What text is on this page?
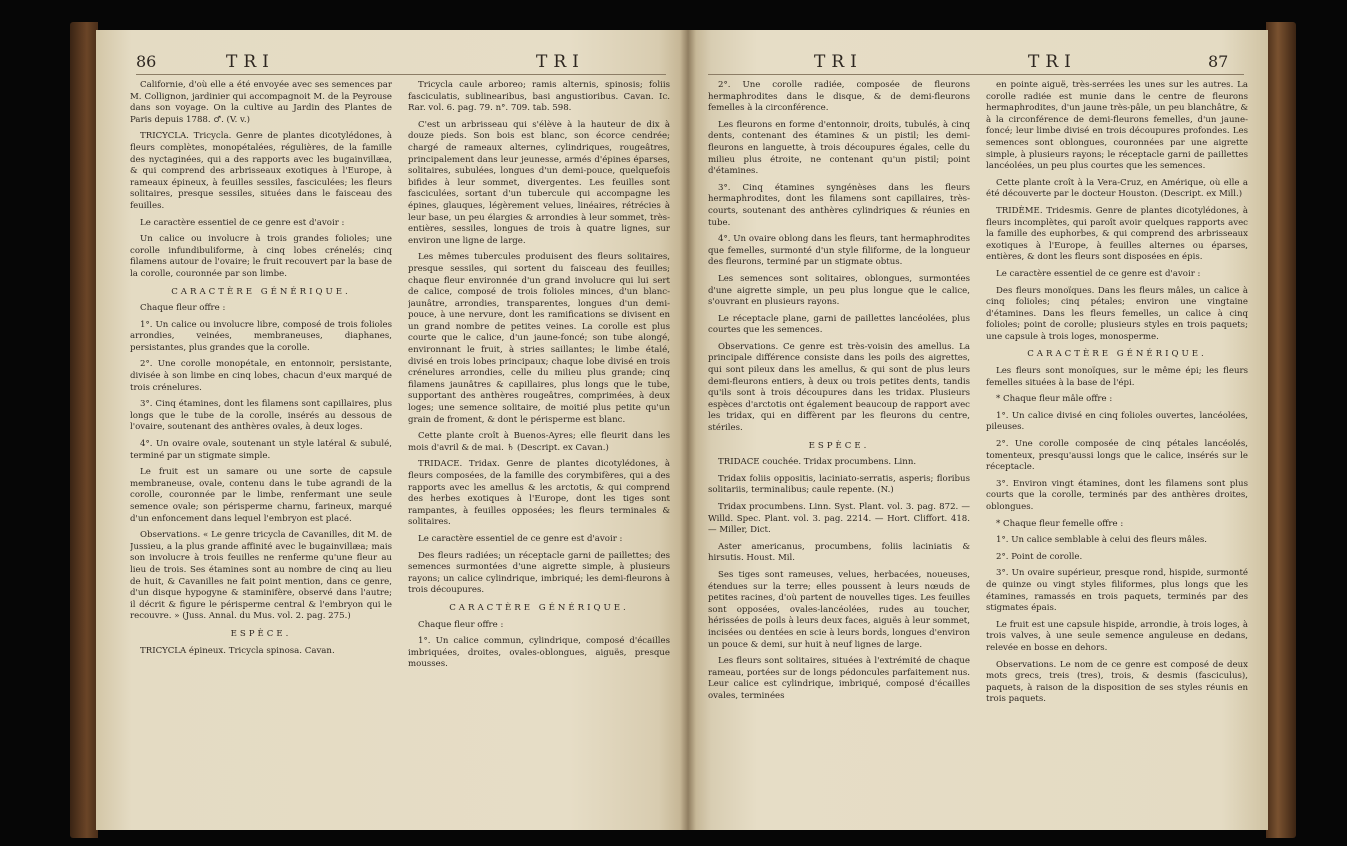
86	TRI	TRI

Californie, d'où elle a été envoyée avec ses semences par M. Collignon, jardinier qui accompagnoit M. de la Peyrouse dans son voyage. On la cultive au Jardin des Plantes de Paris depuis 1788. ♂. (V. v.)

TRICYCLA. Tricycla. Genre de plantes dicotylédones, à fleurs complètes, monopétalées, régulières, de la famille des nyctaginées, qui a des rapports avec les bugainvillæa, & qui comprend des arbrisseaux exotiques à l'Europe, à rameaux épineux, à feuilles sessiles, fasciculées; les fleurs solitaires, presque sessiles, situées dans le faisceau des feuilles.

Le caractère essentiel de ce genre est d'avoir :

Un calice ou involucre à trois grandes folioles; une corolle infundibuliforme, à cinq lobes crénelés; cinq filamens autour de l'ovaire; le fruit recouvert par la base de la corolle, couronnée par son limbe.

CARACTÈRE GÉNÉRIQUE.

Chaque fleur offre :

1°. Un calice ou involucre libre, composé de trois folioles arrondies, veinées, membraneuses, diaphanes, persistantes, plus grandes que la corolle.

2°. Une corolle monopétale, en entonnoir, persistante, divisée à son limbe en cinq lobes, chacun d'eux marqué de trois crénelures.

3°. Cinq étamines, dont les filamens sont capillaires, plus longs que le tube de la corolle, insérés au dessous de l'ovaire, soutenant des anthères ovales, à deux loges.

4°. Un ovaire ovale, soutenant un style latéral & subulé, terminé par un stigmate simple.

Le fruit est un samare ou une sorte de capsule membraneuse, ovale, contenu dans le tube agrandi de la corolle, couronnée par le limbe, renfermant une seule semence ovale; son périsperme charnu, farineux, marqué d'un enfoncement dans lequel l'embryon est placé.

Observations. « Le genre tricycla de Cavanilles, dit M. de Jussieu, a la plus grande affinité avec le bugainvillæa; mais son involucre à trois feuilles ne renferme qu'une fleur au lieu de trois. Ses étamines sont au nombre de cinq au lieu de huit, & Cavanilles ne fait point mention, dans ce genre, d'un disque hypogyne & staminifère, observé dans l'autre; il décrit & figure le périsperme central & l'embryon qui le recouvre. » (Juss. Annal. du Mus. vol. 2. pag. 275.)

ESPÈCE.

TRICYCLA épineux. Tricycla spinosa. Cavan.

Tricycla caule arboreo; ramis alternis, spinosis; foliis fasciculatis, sublinearibus, basi angustioribus. Cavan. Ic. Rar. vol. 6. pag. 79. n°. 709. tab. 598.

C'est un arbrisseau qui s'élève à la hauteur de dix à douze pieds. Son bois est blanc, son écorce cendrée; chargé de rameaux alternes, cylindriques, rougeâtres, principalement dans leur jeunesse, armés d'épines éparses, solitaires, subulées, longues d'un demi-pouce, quelquefois bifides à leur sommet, divergentes. Les feuilles sont fasciculées, sortant d'un tubercule qui accompagne les épines, glauques, légèrement velues, linéaires, rétrécies à leur base, un peu élargies & arrondies à leur sommet, très-entières, sessiles, longues de trois à quatre lignes, sur environ une ligne de large.

Les mêmes tubercules produisent des fleurs solitaires, presque sessiles, qui sortent du faisceau des feuilles; chaque fleur environnée d'un grand involucre qui lui sert de calice, composé de trois folioles minces, d'un blanc-jaunâtre, arrondies, transparentes, longues d'un demi-pouce, à une nervure, dont les ramifications se divisent en un grand nombre de petites veines. La corolle est plus courte que le calice, d'un jaune-foncé; son tube alongé, environnant le fruit, à stries saillantes; le limbe étalé, divisé en trois lobes principaux; chaque lobe divisé en trois crénelures arrondies, celle du milieu plus grande; cinq filamens jaunâtres & capillaires, plus longs que le tube, supportant des anthères rougeâtres, comprimées, à deux loges; une semence solitaire, de moitié plus petite qu'un grain de froment, & dont le périsperme est blanc.

Cette plante croît à Buenos-Ayres; elle fleurit dans les mois d'avril & de mai. ♄ (Descript. ex Cavan.)

TRIDACE. Tridax. Genre de plantes dicotylédones, à fleurs composées, de la famille des corymbifères, qui a des rapports avec les amellus & les arctotis, & qui comprend des herbes exotiques à l'Europe, dont les tiges sont rampantes, à feuilles opposées; les fleurs terminales & solitaires.

Le caractère essentiel de ce genre est d'avoir :

Des fleurs radiées; un réceptacle garni de paillettes; des semences surmontées d'une aigrette simple, à plusieurs rayons; un calice cylindrique, imbriqué; les demi-fleurons à trois découpures.

CARACTÈRE GÉNÉRIQUE.

Chaque fleur offre :

1°. Un calice commun, cylindrique, composé d'écailles imbriquées, droites, ovales-oblongues, aiguës, presque mousses.

TRI	TRI	87

2°. Une corolle radiée, composée de fleurons hermaphrodites dans le disque, & de demi-fleurons femelles à la circonférence.

Les fleurons en forme d'entonnoir, droits, tubulés, à cinq dents, contenant des étamines & un pistil; les demi-fleurons en languette, à trois découpures égales, celle du milieu plus étroite, ne contenant qu'un pistil; point d'étamines.

3°. Cinq étamines syngénèses dans les fleurs hermaphrodites, dont les filamens sont capillaires, très-courts, soutenant des anthères cylindriques & réunies en tube.

4°. Un ovaire oblong dans les fleurs, tant hermaphrodites que femelles, surmonté d'un style filiforme, de la longueur des fleurons, terminé par un stigmate obtus.

Les semences sont solitaires, oblongues, surmontées d'une aigrette simple, un peu plus longue que le calice, s'ouvrant en plusieurs rayons.

Le réceptacle plane, garni de paillettes lancéolées, plus courtes que les semences.

Observations. Ce genre est très-voisin des amellus. La principale différence consiste dans les poils des aigrettes, qui sont pileux dans les amellus, & qui sont de plus leurs demi-fleurons entiers, à deux ou trois petites dents, tandis qu'ils sont à trois découpures dans les tridax. Plusieurs espèces d'arctotis ont également beaucoup de rapport avec les tridax, qui en diffèrent par les fleurons du centre, stériles.

ESPÈCE.

TRIDACE couchée. Tridax procumbens. Linn.

Tridax foliis oppositis, laciniato-serratis, asperis; floribus solitariis, terminalibus; caule repente. (N.)

Tridax procumbens. Linn. Syst. Plant. vol. 3. pag. 872. — Willd. Spec. Plant. vol. 3. pag. 2214. — Hort. Cliffort. 418. — Miller, Dict.

Aster americanus, procumbens, foliis laciniatis & hirsutis. Houst. Mil.

Ses tiges sont rameuses, velues, herbacées, noueuses, étendues sur la terre; elles poussent à leurs nœuds de petites racines, d'où partent de nouvelles tiges. Les feuilles sont opposées, ovales-lancéolées, rudes au toucher, hérissées de poils à leurs deux faces, aiguës à leur sommet, incisées ou dentées en scie à leurs bords, longues d'environ un pouce & demi, sur huit à neuf lignes de large.

Les fleurs sont solitaires, situées à l'extrémité de chaque rameau, portées sur de longs pédoncules parfaitement nus. Leur calice est cylindrique, imbriqué, composé d'écailles ovales, terminées

en pointe aiguë, très-serrées les unes sur les autres. La corolle radiée est munie dans le centre de fleurons hermaphrodites, d'un jaune très-pâle, un peu blanchâtre, & à la circonférence de demi-fleurons femelles, d'un jaune-foncé; leur limbe divisé en trois découpures profondes. Les semences sont oblongues, couronnées par une aigrette simple, à plusieurs rayons; le réceptacle garni de paillettes lancéolées, un peu plus courtes que les semences.

Cette plante croît à la Vera-Cruz, en Amérique, où elle a été découverte par le docteur Houston. (Descript. ex Mill.)

TRIDÈME. Tridesmis. Genre de plantes dicotylédones, à fleurs incomplètes, qui paroît avoir quelques rapports avec la famille des euphorbes, & qui comprend des arbrisseaux exotiques à l'Europe, à feuilles alternes ou éparses, entières, & dont les fleurs sont disposées en épis.

Le caractère essentiel de ce genre est d'avoir :

Des fleurs monoïques. Dans les fleurs mâles, un calice à cinq folioles; cinq pétales; environ une vingtaine d'étamines. Dans les fleurs femelles, un calice à cinq folioles; point de corolle; plusieurs styles en trois paquets; une capsule à trois loges, monosperme.

CARACTÈRE GÉNÉRIQUE.

Les fleurs sont monoïques, sur le même épi; les fleurs femelles situées à la base de l'épi.

* Chaque fleur mâle offre :

1°. Un calice divisé en cinq folioles ouvertes, lancéolées, pileuses.

2°. Une corolle composée de cinq pétales lancéolés, tomenteux, presqu'aussi longs que le calice, insérés sur le réceptacle.

3°. Environ vingt étamines, dont les filamens sont plus courts que la corolle, terminés par des anthères droites, oblongues.

* Chaque fleur femelle offre :

1°. Un calice semblable à celui des fleurs mâles.

2°. Point de corolle.

3°. Un ovaire supérieur, presque rond, hispide, surmonté de quinze ou vingt styles filiformes, plus longs que les étamines, ramassés en trois paquets, terminés par des stigmates épais.

Le fruit est une capsule hispide, arrondie, à trois loges, à trois valves, à une seule semence anguleuse en dedans, relevée en bosse en dehors.

Observations. Le nom de ce genre est composé de deux mots grecs, treis (tres), trois, & desmis (fasciculus), paquets, à raison de la disposition de ses styles réunis en trois paquets.
